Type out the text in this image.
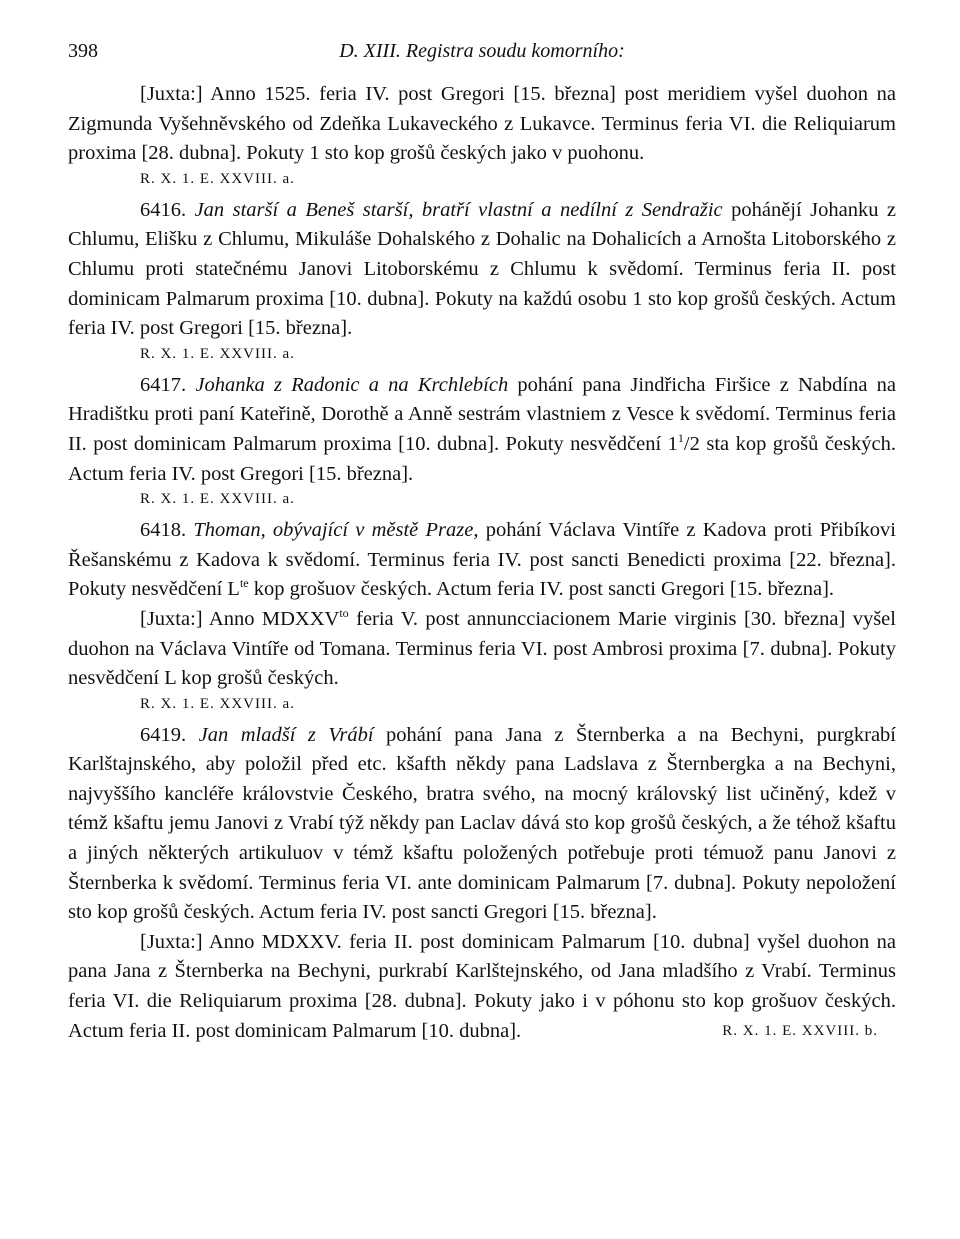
398	D. XIII. Registra soudu komorního:

[Juxta:] Anno 1525. feria IV. post Gregori [15. března] post meridiem vyšel duohon na Zigmunda Vyšehněvského od Zdeňka Lukaveckého z Lukavce. Terminus feria VI. die Reliquiarum proxima [28. dubna]. Pokuty 1 sto kop grošů českých jako v puohonu.

R. X. 1. E. XXVIII. a.

6416. Jan starší a Beneš starší, bratří vlastní a nedílní z Sendražic pohánějí Johanku z Chlumu, Elišku z Chlumu, Mikuláše Dohalského z Dohalic na Dohalicích a Arnošta Litoborského z Chlumu proti statečnému Janovi Litoborskému z Chlumu k svědomí. Terminus feria II. post dominicam Palmarum proxima [10. dubna]. Pokuty na každú osobu 1 sto kop grošů českých. Actum feria IV. post Gregori [15. března].

R. X. 1. E. XXVIII. a.

6417. Johanka z Radonic a na Krchlebích pohání pana Jindřicha Firšice z Nabdína na Hradištku proti paní Kateřině, Dorothě a Anně sestrám vlastniem z Vesce k svědomí. Terminus feria II. post dominicam Palmarum proxima [10. dubna]. Pokuty nesvědčení $1^1/2$ sta kop grošů českých. Actum feria IV. post Gregori [15. března].

R. X. 1. E. XXVIII. a.

6418. Thoman, obývající v městě Praze, pohání Václava Vintíře z Kadova proti Přibíkovi Řešanskému z Kadova k svědomí. Terminus feria IV. post sancti Benedicti proxima [22. března]. Pokuty nesvědčení $L^{te}$ kop grošuov českých. Actum feria IV. post sancti Gregori [15. března].

[Juxta:] Anno $MDXXV^{to}$ feria V. post annuncciacionem Marie virginis [30. března] vyšel duohon na Václava Vintíře od Tomana. Terminus feria VI. post Ambrosi proxima [7. dubna]. Pokuty nesvědčení L kop grošů českých.

R. X. 1. E. XXVIII. a.

6419. Jan mladší z Vrábí pohání pana Jana z Šternberka a na Bechyni, purgkrabí Karlštajnského, aby položil před etc. kšafth někdy pana Ladslava z Šternbergka a na Bechyni, najvyššího kancléře královstvie Českého, bratra svého, na mocný královský list učiněný, kdež v témž kšaftu jemu Janovi z Vrabí týž někdy pan Laclav dává sto kop grošů českých, a že téhož kšaftu a jiných některých artikuluov v témž kšaftu položených potřebuje proti témuož panu Janovi z Šternberka k svědomí. Terminus feria VI. ante dominicam Palmarum [7. dubna]. Pokuty nepoložení sto kop grošů českých. Actum feria IV. post sancti Gregori [15. března].

[Juxta:] Anno MDXXV. feria II. post dominicam Palmarum [10. dubna] vyšel duohon na pana Jana z Šternberka na Bechyni, purkrabí Karlštejnského, od Jana mladšího z Vrabí. Terminus feria VI. die Reliquiarum proxima [28. dubna]. Pokuty jako i v póhonu sto kop grošuov českých. Actum feria II. post dominicam Palmarum [10. dubna].	R. X. 1. E. XXVIII. b.
